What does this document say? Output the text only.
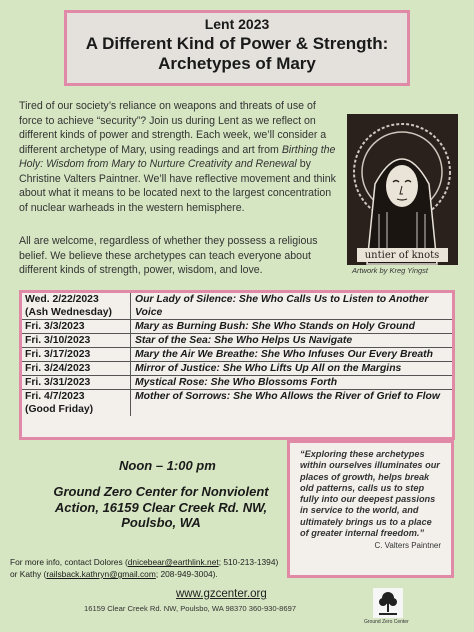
Lent 2023
A Different Kind of Power & Strength:
Archetypes of Mary
Tired of our society’s reliance on weapons and threats of use of force to achieve “security”? Join us during Lent as we reflect on different kinds of power and strength. Each week, we’ll consider a different archetype of Mary, using readings and art from Birthing the Holy: Wisdom from Mary to Nurture Creativity and Renewal by Christine Valters Paintner. We’ll have reflective movement and think about what it means to be located next to the largest concentration of nuclear warheads in the western hemisphere.
All are welcome, regardless of whether they possess a religious belief. We believe these archetypes can teach everyone about different kinds of strength, power, wisdom, and love.
untier of knots
Artwork by Kreg Yingst
Wed. 2/22/2023
(Ash Wednesday)	Our Lady of Silence: She Who Calls Us to Listen to Another Voice

Fri. 3/3/2023	Mary as Burning Bush: She Who Stands on Holy Ground

Fri. 3/10/2023	Star of the Sea: She Who Helps Us Navigate

Fri. 3/17/2023	Mary the Air We Breathe: She Who Infuses Our Every Breath

Fri. 3/24/2023	Mirror of Justice: She Who Lifts Up All on the Margins

Fri. 3/31/2023	Mystical Rose: She Who Blossoms Forth

Fri. 4/7/2023
(Good Friday)	Mother of Sorrows: She Who Allows the River of Grief to Flow
Noon – 1:00 pm
Ground Zero Center for Nonviolent Action, 16159 Clear Creek Rd. NW, Poulsbo, WA
“Exploring these archetypes within ourselves illuminates our places of growth, helps break old patterns, calls us to step fully into our deepest passions in service to the world, and ultimately brings us to a place of greater internal freedom.”
C. Valters Paintner
For more info, contact Dolores (dnicebear@earthlink.net; 510-213-1394)
or Kathy (railsback.kathryn@gmail.com; 208-949-3004).
www.gzcenter.org
16159 Clear Creek Rd. NW, Poulsbo, WA 98370 360-930-8697
Ground Zero Center
